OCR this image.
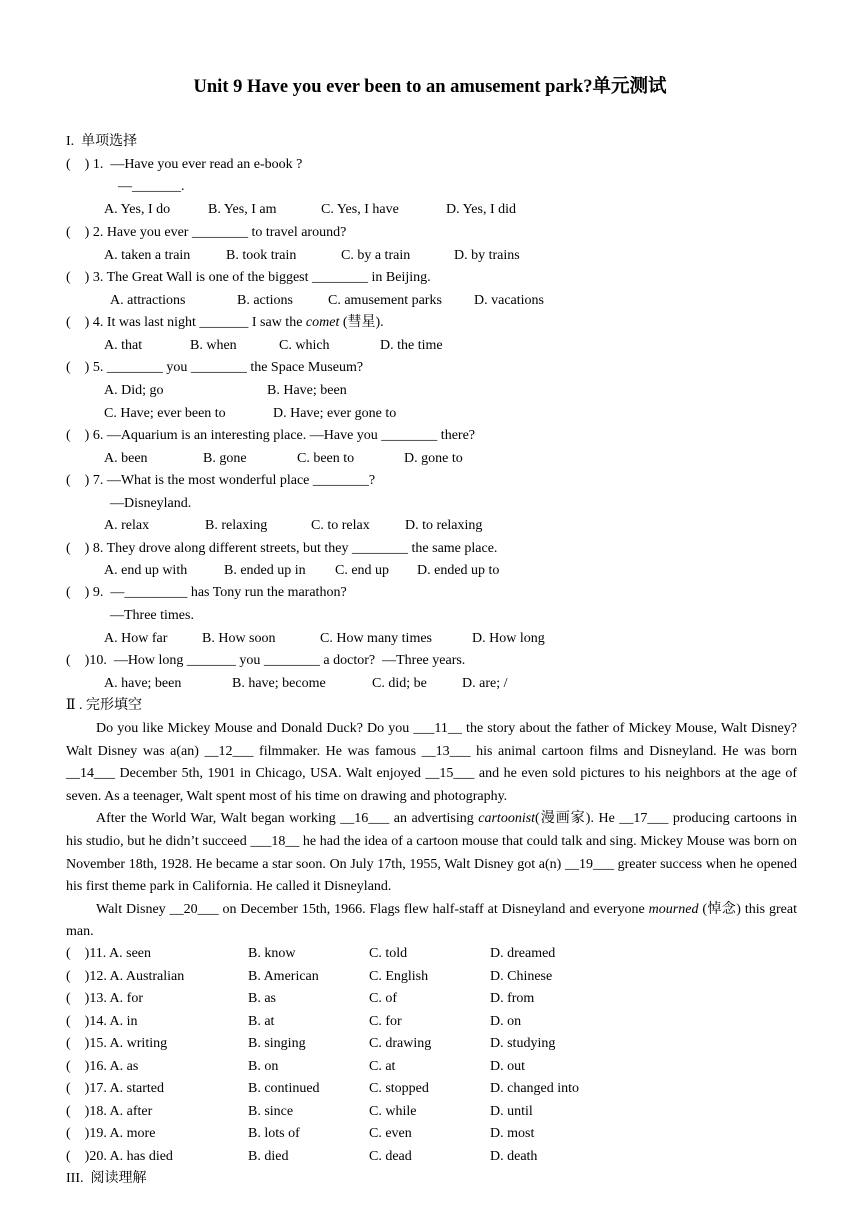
Unit 9 Have you ever been to an amusement park?单元测试
I.  单项选择
(    ) 1.  —Have you ever read an e-book ?
—_______.
A. Yes, I do	B. Yes, I am	C. Yes, I have	D. Yes, I did
(    ) 2. Have you ever ________ to travel around?
A. taken a train	B. took train	C. by a train	D. by trains
(    ) 3. The Great Wall is one of the biggest ________ in Beijing.
A. attractions	B. actions	C. amusement parks D. vacations
(    ) 4. It was last night _______ I saw the comet (彗星).
A. that	B. when	C. which	D. the time
(    ) 5. ________ you ________ the Space Museum?
A. Did; go	B. Have; been
C. Have; ever been to	D. Have; ever gone to
(    ) 6. —Aquarium is an interesting place. —Have you ________ there?
A. been	B. gone	C. been to	D. gone to
(    ) 7. —What is the most wonderful place ________?
—Disneyland.
A. relax	B. relaxing	C. to relax	D. to relaxing
(    ) 8. They drove along different streets, but they ________ the same place.
A. end up with	B. ended up in C. end up D. ended up to
(    ) 9.  —_________ has Tony run the marathon?
—Three times.
A. How far B. How soon	C. How many times	D. How long
(    )10.  —How long _______ you ________ a doctor?  —Three years.
A. have; been	B. have; become	C. did; be	D. are; /
Ⅱ . 完形填空

Do you like Mickey Mouse and Donald Duck? Do you ___11__ the story about the father of Mickey Mouse, Walt Disney? Walt Disney was a(an) __12___ filmmaker. He was famous __13___ his animal cartoon films and Disneyland. He was born __14___ December 5th, 1901 in Chicago, USA. Walt enjoyed __15___ and he even sold pictures to his neighbors at the age of seven. As a teenager, Walt spent most of his time on drawing and photography.

After the World War, Walt began working __16___ an advertising cartoonist(漫画家). He __17___ producing cartoons in his studio, but he didn’t succeed ___18__ he had the idea of a cartoon mouse that could talk and sing. Mickey Mouse was born on November 18th, 1928. He became a star soon. On July 17th, 1955, Walt Disney got a(n) __19___ greater success when he opened his first theme park in California. He called it Disneyland.

Walt Disney __20___ on December 15th, 1966. Flags flew half-staff at Disneyland and everyone mourned (悼念) this great man.

(    )11. A. seen	B. know	C. told	D. dreamed
(    )12. A. Australian	B. American	C. English	D. Chinese
(    )13. A. for	B. as	C. of	D. from
(    )14. A. in	B. at	C. for	D. on
(    )15. A. writing	B. singing	C. drawing	D. studying
(    )16. A. as	B. on	C. at	D. out
(    )17. A. started	B. continued	C. stopped	D. changed into
(    )18. A. after	B. since	C. while	D. until
(    )19. A. more	B. lots of	C. even	D. most
(    )20. A. has died	B. died	C. dead	D. death
III.  阅读理解
